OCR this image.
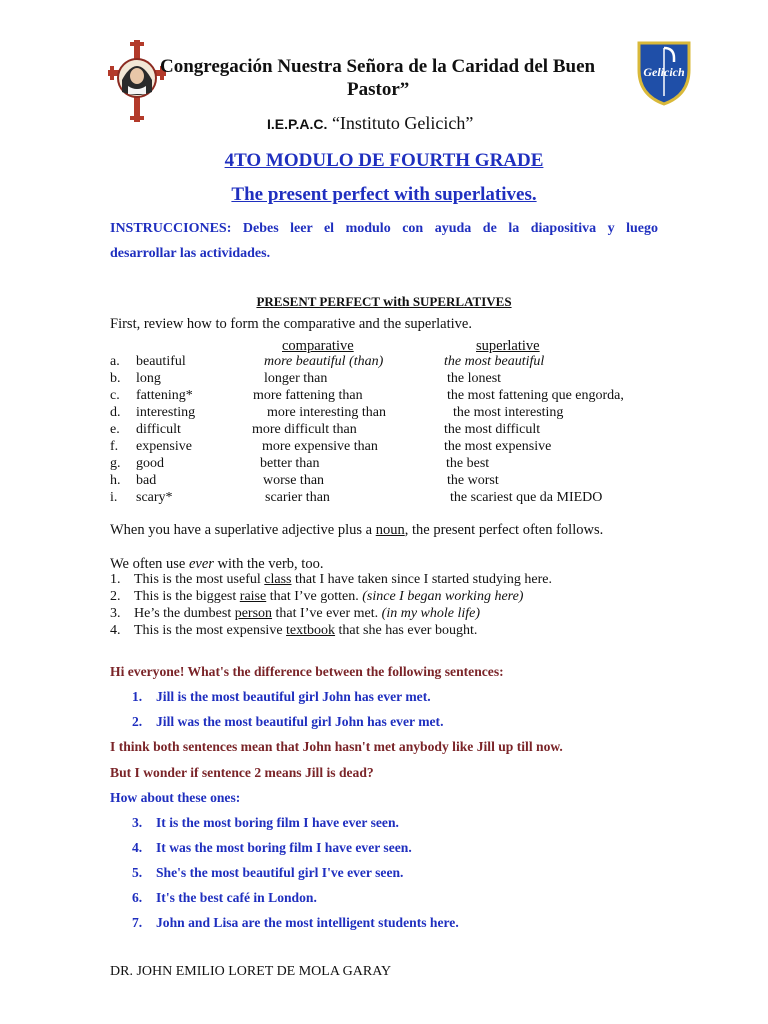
Congregación Nuestra Señora de la Caridad del Buen
Pastor”
Gelicich
I.E.P.A.C. “Instituto Gelicich”
4TO MODULO DE FOURTH GRADE
The present perfect with superlatives.
INSTRUCCIONES: Debes leer el modulo con ayuda de la diapositiva y luego
desarrollar las actividades.
PRESENT PERFECT with SUPERLATIVES
First, review how to form the comparative and the superlative.
comparative	superlative
a. beautiful	more beautiful (than)	the most beautiful
b. long	longer than	the lonest
c. fattening*	more fattening than	the most fattening que engorda,
d. interesting	more interesting than	the most interesting
e. difficult	more difficult than	the most difficult
f. expensive	more expensive than	the most expensive
g. good	better than	the best
h. bad	worse than	the worst
i. scary*	scarier than	the scariest que da MIEDO
When you have a superlative adjective plus a noun, the present perfect often follows.
We often use ever with the verb, too.
1. This is the most useful class that I have taken since I started studying here.
2. This is the biggest raise that I’ve gotten. (since I began working here)
3. He’s the dumbest person that I’ve ever met. (in my whole life)
4. This is the most expensive textbook that she has ever bought.
Hi everyone! What's the difference between the following sentences:
1. Jill is the most beautiful girl John has ever met.
2. Jill was the most beautiful girl John has ever met.
I think both sentences mean that John hasn't met anybody like Jill up till now.
But I wonder if sentence 2 means Jill is dead?
How about these ones:
3. It is the most boring film I have ever seen.
4. It was the most boring film I have ever seen.
5. She's the most beautiful girl I've ever seen.
6. It's the best café in London.
7. John and Lisa are the most intelligent students here.
DR. JOHN EMILIO LORET DE MOLA GARAY
